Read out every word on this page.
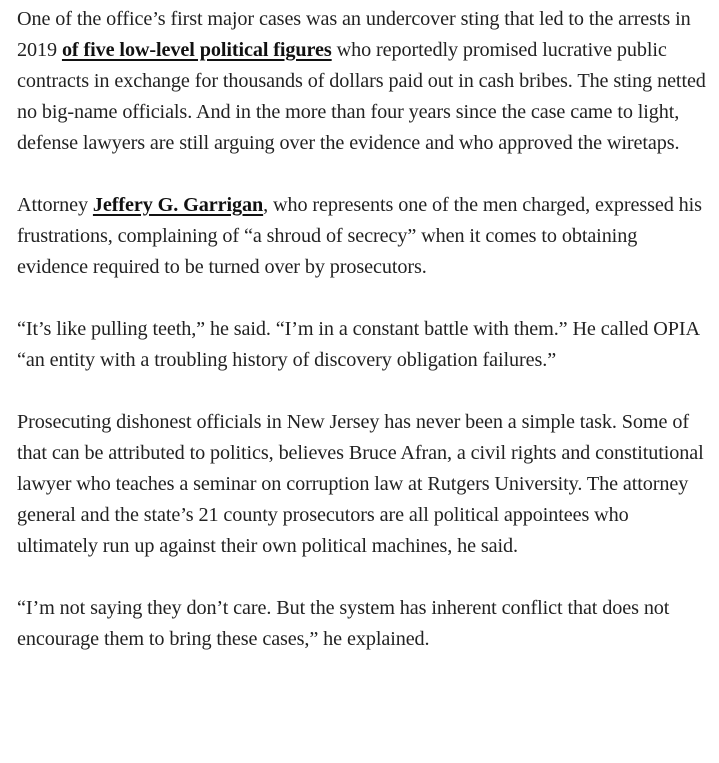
One of the office’s first major cases was an undercover sting that led to the arrests in 2019 of five low-level political figures who reportedly promised lucrative public contracts in exchange for thousands of dollars paid out in cash bribes. The sting netted no big-name officials. And in the more than four years since the case came to light, defense lawyers are still arguing over the evidence and who approved the wiretaps.

Attorney Jeffery G. Garrigan, who represents one of the men charged, expressed his frustrations, complaining of “a shroud of secrecy” when it comes to obtaining evidence required to be turned over by prosecutors.

“It’s like pulling teeth,” he said. “I’m in a constant battle with them.” He called OPIA “an entity with a troubling history of discovery obligation failures.”

Prosecuting dishonest officials in New Jersey has never been a simple task. Some of that can be attributed to politics, believes Bruce Afran, a civil rights and constitutional lawyer who teaches a seminar on corruption law at Rutgers University. The attorney general and the state’s 21 county prosecutors are all political appointees who ultimately run up against their own political machines, he said.

“I’m not saying they don’t care. But the system has inherent conflict that does not encourage them to bring these cases,” he explained.
